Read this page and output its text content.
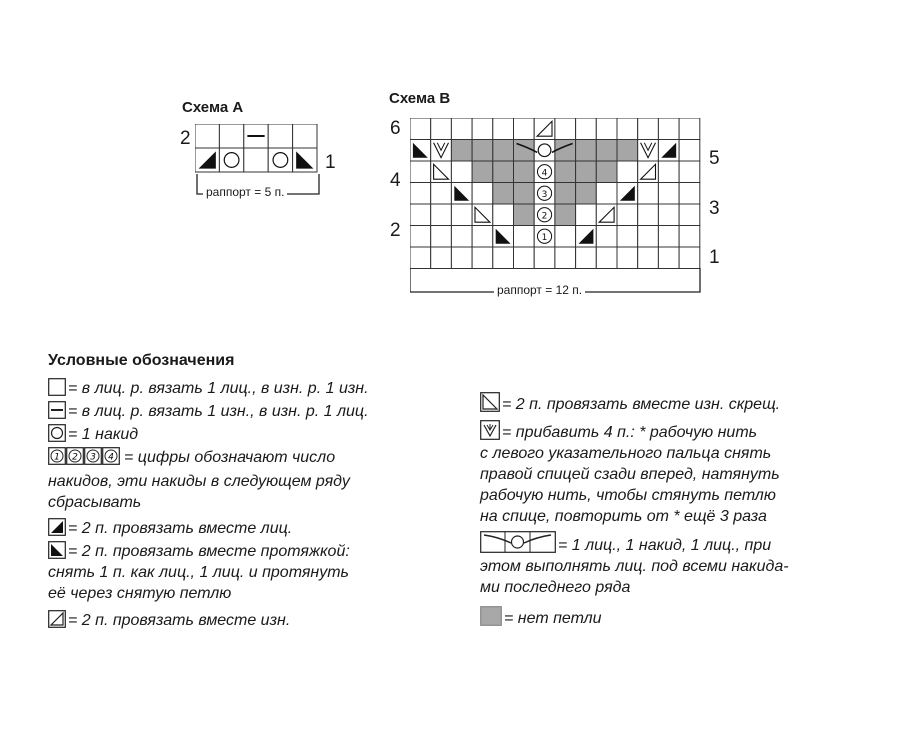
Схема A
2
1
раппорт = 5 п.
Схема B
6
5
4
3
2
1
4
3
2
1
раппорт = 12 п.
Условные обозначения
= в лиц. р. вязать 1 лиц., в изн. р. 1 изн.
= в лиц. р. вязать 1 изн., в изн. р. 1 лиц.
= 1 накид
1 2 3 4 = цифры обозначают число
накидов, эти накиды в следующем ряду
сбрасывать
= 2 п. провязать вместе лиц.
= 2 п. провязать вместе протяжкой:
снять 1 п. как лиц., 1 лиц. и протянуть
её через снятую петлю
= 2 п. провязать вместе изн.
= 2 п. провязать вместе изн. скрещ.
= прибавить 4 п.: * рабочую нить
с левого указательного пальца снять
правой спицей сзади вперед, натянуть
рабочую нить, чтобы стянуть петлю
на спице, повторить от * ещё 3 раза
= 1 лиц., 1 накид, 1 лиц., при
этом выполнять лиц. под всеми накида-
ми последнего ряда
= нет петли
